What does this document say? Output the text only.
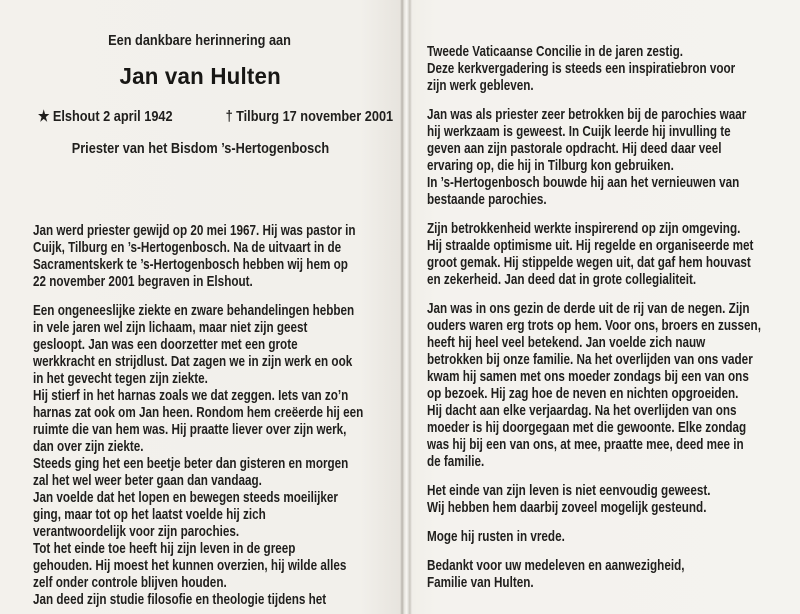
Een dankbare herinnering aan
Jan van Hulten
★ Elshout 2 april 1942	† Tilburg 17 november 2001
Priester van het Bisdom ’s-Hertogenbosch
Jan werd priester gewijd op 20 mei 1967. Hij was pastor in
Cuijk, Tilburg en ’s-Hertogenbosch. Na de uitvaart in de
Sacramentskerk te ’s-Hertogenbosch hebben wij hem op
22 november 2001 begraven in Elshout.
Een ongeneeslijke ziekte en zware behandelingen hebben
in vele jaren wel zijn lichaam, maar niet zijn geest
gesloopt. Jan was een doorzetter met een grote
werkkracht en strijdlust. Dat zagen we in zijn werk en ook
in het gevecht tegen zijn ziekte.
Hij stierf in het harnas zoals we dat zeggen. Iets van zo’n
harnas zat ook om Jan heen. Rondom hem creëerde hij een
ruimte die van hem was. Hij praatte liever over zijn werk,
dan over zijn ziekte.
Steeds ging het een beetje beter dan gisteren en morgen
zal het wel weer beter gaan dan vandaag.
Jan voelde dat het lopen en bewegen steeds moeilijker
ging, maar tot op het laatst voelde hij zich
verantwoordelijk voor zijn parochies.
Tot het einde toe heeft hij zijn leven in de greep
gehouden. Hij moest het kunnen overzien, hij wilde alles
zelf onder controle blijven houden.
Jan deed zijn studie filosofie en theologie tijdens het
Tweede Vaticaanse Concilie in de jaren zestig.
Deze kerkvergadering is steeds een inspiratiebron voor
zijn werk gebleven.
Jan was als priester zeer betrokken bij de parochies waar
hij werkzaam is geweest. In Cuijk leerde hij invulling te
geven aan zijn pastorale opdracht. Hij deed daar veel
ervaring op, die hij in Tilburg kon gebruiken.
In ’s-Hertogenbosch bouwde hij aan het vernieuwen van
bestaande parochies.
Zijn betrokkenheid werkte inspirerend op zijn omgeving.
Hij straalde optimisme uit. Hij regelde en organiseerde met
groot gemak. Hij stippelde wegen uit, dat gaf hem houvast
en zekerheid. Jan deed dat in grote collegialiteit.
Jan was in ons gezin de derde uit de rij van de negen. Zijn
ouders waren erg trots op hem. Voor ons, broers en zussen,
heeft hij heel veel betekend. Jan voelde zich nauw
betrokken bij onze familie. Na het overlijden van ons vader
kwam hij samen met ons moeder zondags bij een van ons
op bezoek. Hij zag hoe de neven en nichten opgroeiden.
Hij dacht aan elke verjaardag. Na het overlijden van ons
moeder is hij doorgegaan met die gewoonte. Elke zondag
was hij bij een van ons, at mee, praatte mee, deed mee in
de familie.
Het einde van zijn leven is niet eenvoudig geweest.
Wij hebben hem daarbij zoveel mogelijk gesteund.
Moge hij rusten in vrede.
Bedankt voor uw medeleven en aanwezigheid,
Familie van Hulten.
